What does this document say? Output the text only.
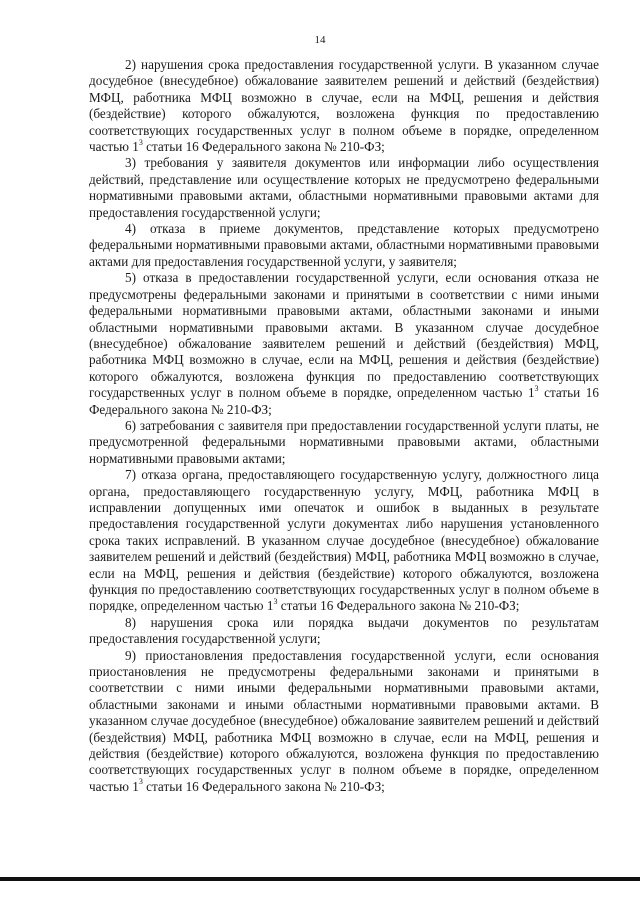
14

2) нарушения срока предоставления государственной услуги. В указанном случае досудебное (внесудебное) обжалование заявителем решений и действий (бездействия) МФЦ, работника МФЦ возможно в случае, если на МФЦ, решения и действия (бездействие) которого обжалуются, возложена функция по предоставлению соответствующих государственных услуг в полном объеме в порядке, определенном частью $1^3$ статьи 16 Федерального закона № 210-ФЗ;

3) требования у заявителя документов или информации либо осуществления действий, представление или осуществление которых не предусмотрено федеральными нормативными правовыми актами, областными нормативными правовыми актами для предоставления государственной услуги;

4) отказа в приеме документов, представление которых предусмотрено федеральными нормативными правовыми актами, областными нормативными правовыми актами для предоставления государственной услуги, у заявителя;

5) отказа в предоставлении государственной услуги, если основания отказа не предусмотрены федеральными законами и принятыми в соответствии с ними иными федеральными нормативными правовыми актами, областными законами и иными областными нормативными правовыми актами. В указанном случае досудебное (внесудебное) обжалование заявителем решений и действий (бездействия) МФЦ, работника МФЦ возможно в случае, если на МФЦ, решения и действия (бездействие) которого обжалуются, возложена функция по предоставлению соответствующих государственных услуг в полном объеме в порядке, определенном частью $1^3$ статьи 16 Федерального закона № 210-ФЗ;

6) затребования с заявителя при предоставлении государственной услуги платы, не предусмотренной федеральными нормативными правовыми актами, областными нормативными правовыми актами;

7) отказа органа, предоставляющего государственную услугу, должностного лица органа, предоставляющего государственную услугу, МФЦ, работника МФЦ в исправлении допущенных ими опечаток и ошибок в выданных в результате предоставления государственной услуги документах либо нарушения установленного срока таких исправлений. В указанном случае досудебное (внесудебное) обжалование заявителем решений и действий (бездействия) МФЦ, работника МФЦ возможно в случае, если на МФЦ, решения и действия (бездействие) которого обжалуются, возложена функция по предоставлению соответствующих государственных услуг в полном объеме в порядке, определенном частью $1^3$ статьи 16 Федерального закона № 210-ФЗ;

8) нарушения срока или порядка выдачи документов по результатам предоставления государственной услуги;

9) приостановления предоставления государственной услуги, если основания приостановления не предусмотрены федеральными законами и принятыми в соответствии с ними иными федеральными нормативными правовыми актами, областными законами и иными областными нормативными правовыми актами. В указанном случае досудебное (внесудебное) обжалование заявителем решений и действий (бездействия) МФЦ, работника МФЦ возможно в случае, если на МФЦ, решения и действия (бездействие) которого обжалуются, возложена функция по предоставлению соответствующих государственных услуг в полном объеме в порядке, определенном частью $1^3$ статьи 16 Федерального закона № 210-ФЗ;
